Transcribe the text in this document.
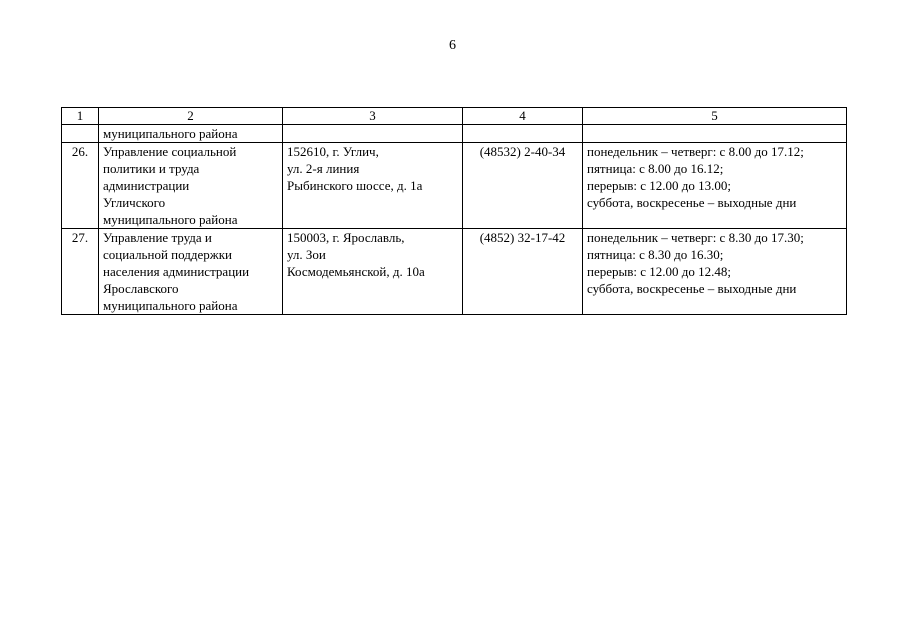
6
1	2	3	4	5

	муниципального района			

26.	Управление социальной
политики и труда
администрации
Угличского
муниципального района	152610, г. Углич,
ул. 2-я линия
Рыбинского шоссе, д. 1а	(48532) 2-40-34	понедельник – четверг: с 8.00 до 17.12;
пятница: с 8.00 до 16.12;
перерыв: с 12.00 до 13.00;
суббота, воскресенье – выходные дни

27.	Управление труда и
социальной поддержки
населения администрации
Ярославского
муниципального района	150003, г. Ярославль,
ул. Зои
Космодемьянской, д. 10а	(4852) 32-17-42	понедельник – четверг: с 8.30 до 17.30;
пятница: с 8.30 до 16.30;
перерыв: с 12.00 до 12.48;
суббота, воскресенье – выходные дни
